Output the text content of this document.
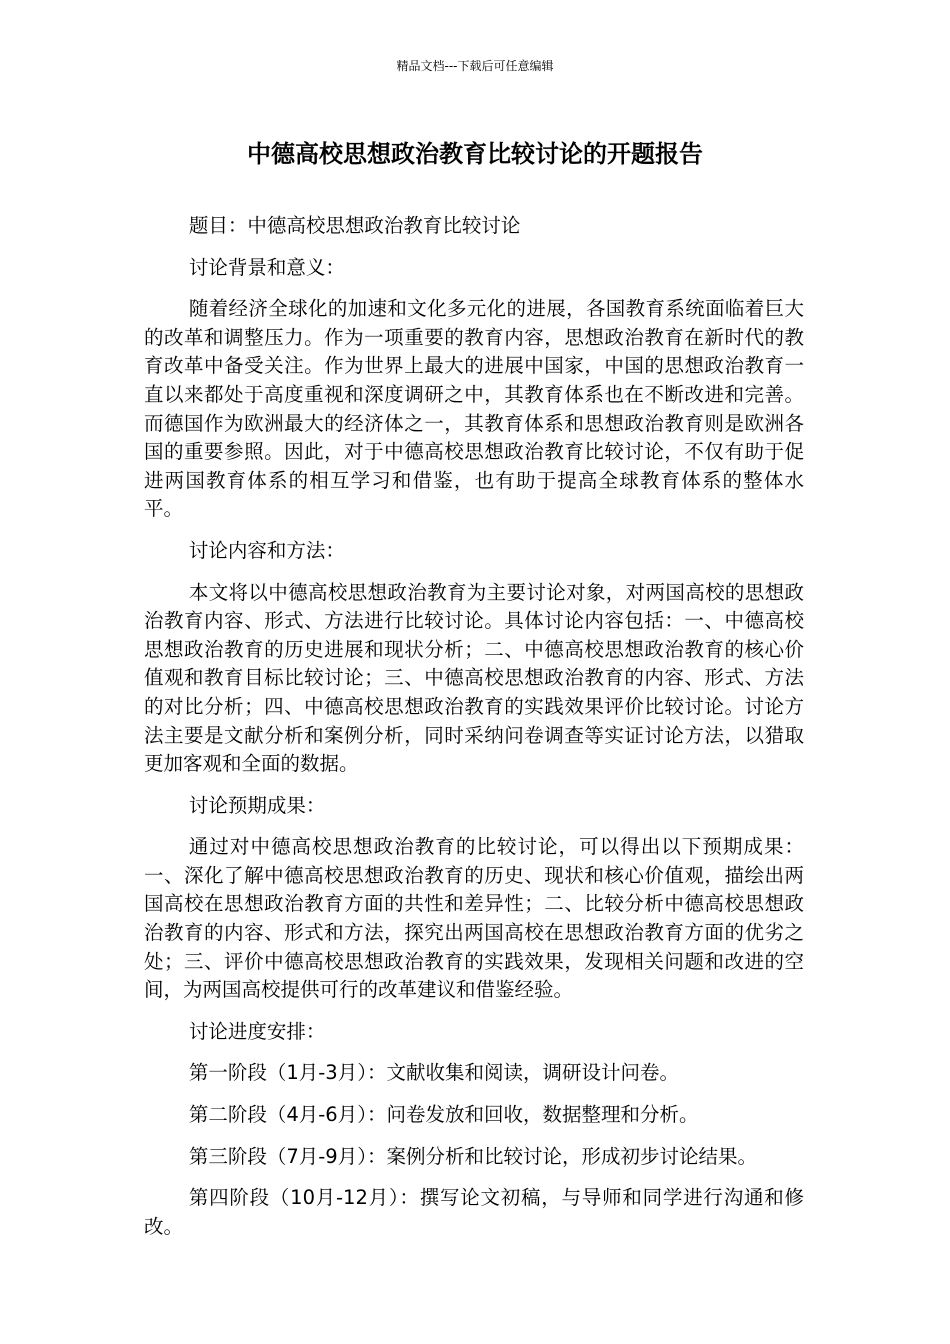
精品文档---下载后可任意编辑
中德高校思想政治教育比较讨论的开题报告

题目：中德高校思想政治教育比较讨论

讨论背景和意义：

随着经济全球化的加速和文化多元化的进展，各国教育系统面临着巨大的改革和调整压力。作为一项重要的教育内容，思想政治教育在新时代的教育改革中备受关注。作为世界上最大的进展中国家，中国的思想政治教育一直以来都处于高度重视和深度调研之中，其教育体系也在不断改进和完善。而德国作为欧洲最大的经济体之一，其教育体系和思想政治教育则是欧洲各国的重要参照。因此，对于中德高校思想政治教育比较讨论，不仅有助于促进两国教育体系的相互学习和借鉴，也有助于提高全球教育体系的整体水平。

讨论内容和方法：

本文将以中德高校思想政治教育为主要讨论对象，对两国高校的思想政治教育内容、形式、方法进行比较讨论。具体讨论内容包括：一、中德高校思想政治教育的历史进展和现状分析；二、中德高校思想政治教育的核心价值观和教育目标比较讨论；三、中德高校思想政治教育的内容、形式、方法的对比分析；四、中德高校思想政治教育的实践效果评价比较讨论。讨论方法主要是文献分析和案例分析，同时采纳问卷调查等实证讨论方法，以猎取更加客观和全面的数据。

讨论预期成果：

通过对中德高校思想政治教育的比较讨论，可以得出以下预期成果：一、深化了解中德高校思想政治教育的历史、现状和核心价值观，描绘出两国高校在思想政治教育方面的共性和差异性；二、比较分析中德高校思想政治教育的内容、形式和方法，探究出两国高校在思想政治教育方面的优劣之处；三、评价中德高校思想政治教育的实践效果，发现相关问题和改进的空间，为两国高校提供可行的改革建议和借鉴经验。

讨论进度安排：

第一阶段（1月-3月）：文献收集和阅读，调研设计问卷。

第二阶段（4月-6月）：问卷发放和回收，数据整理和分析。

第三阶段（7月-9月）：案例分析和比较讨论，形成初步讨论结果。

第四阶段（10月-12月）：撰写论文初稿，与导师和同学进行沟通和修改。
